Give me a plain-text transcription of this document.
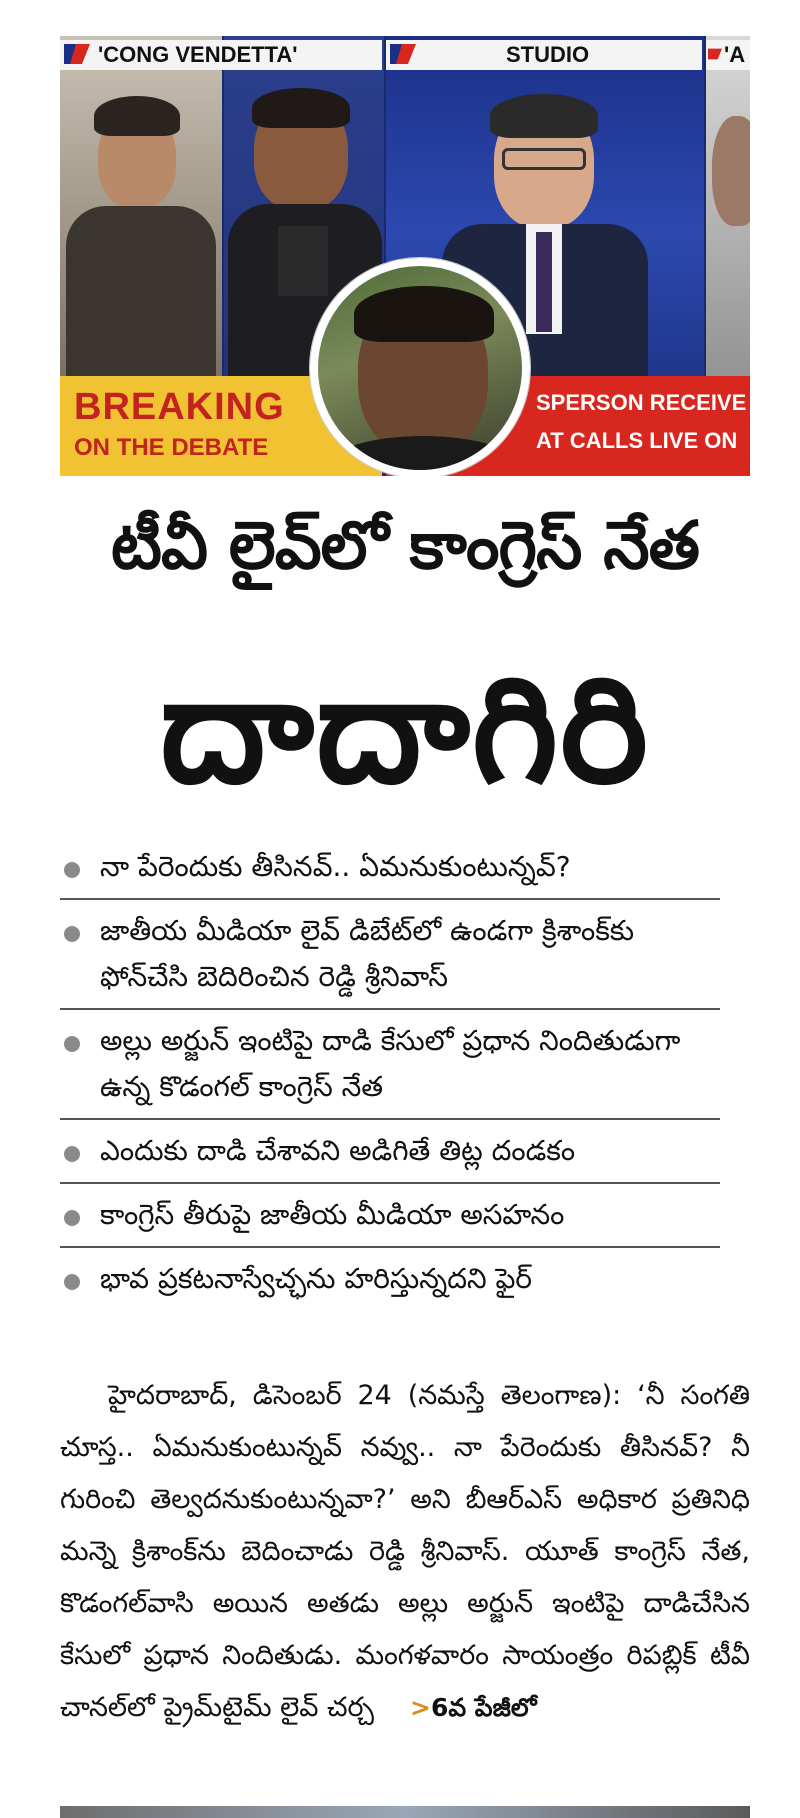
'CONG VENDETTA'	STUDIO	'A
BREAKING
ON THE DEBATE
SPERSON RECEIVE
AT CALLS LIVE ON
టీవీ లైవ్‌లో కాంగ్రెస్ నేత
దాదాగిరి
నా పేరెందుకు తీసినవ్.. ఏమనుకుంటున్నవ్?
జాతీయ మీడియా లైవ్ డిబేట్‌లో ఉండగా క్రిశాంక్‌కు ఫోన్‌చేసి బెదిరించిన రెడ్డి శ్రీనివాస్
అల్లు అర్జున్ ఇంటిపై దాడి కేసులో ప్రధాన నిందితుడుగా ఉన్న కొడంగల్ కాంగ్రెస్ నేత
ఎందుకు దాడి చేశావని అడిగితే తిట్ల దండకం
కాంగ్రెస్ తీరుపై జాతీయ మీడియా అసహనం
భావ ప్రకటనాస్వేచ్ఛను హరిస్తున్నదని ఫైర్
హైదరాబాద్, డిసెంబర్ 24 (నమస్తే తెలంగాణ): ‘నీ సంగతి చూస్త.. ఏమనుకుంటున్నవ్ నవ్వు.. నా పేరెందుకు తీసినవ్? నీ గురించి తెల్వదనుకుంటున్నవా?’ అని బీఆర్ఎస్ అధికార ప్రతినిధి మన్నె క్రిశాంక్‌ను బెదించాడు రెడ్డి శ్రీనివాస్. యూత్ కాంగ్రెస్ నేత, కొడంగల్‌వాసి అయిన అతడు అల్లు అర్జున్ ఇంటిపై దాడిచేసిన కేసులో ప్రధాన నిందితుడు. మంగళవారం సాయంత్రం రిపబ్లిక్ టీవీ చానల్‌లో ప్రైమ్‌టైమ్ లైవ్ చర్చ >6వ పేజీలో
